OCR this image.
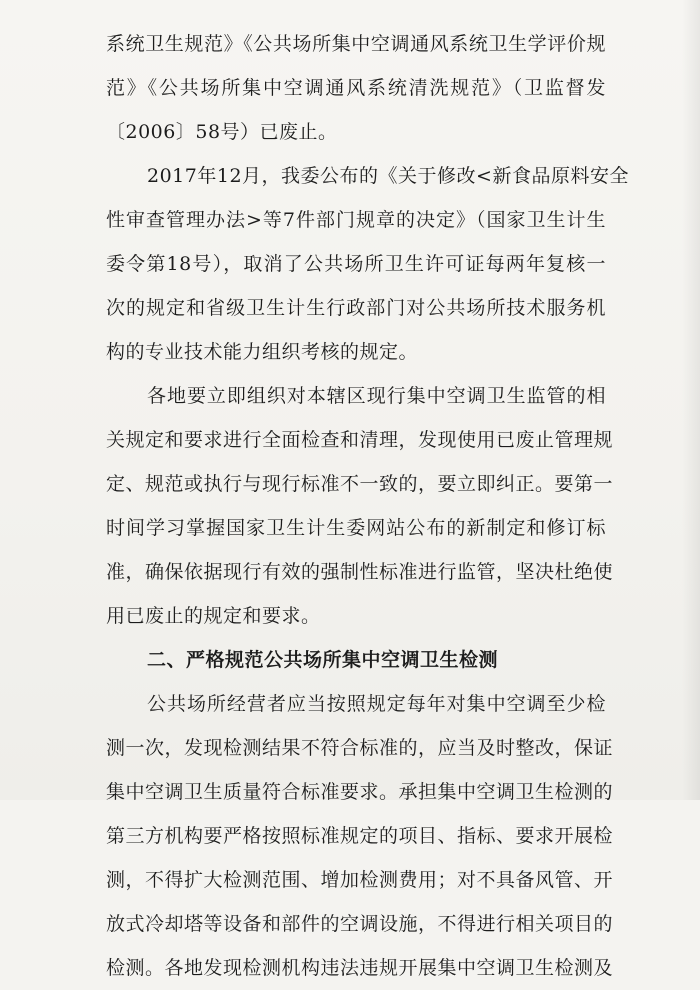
系统卫生规范》《公共场所集中空调通风系统卫生学评价规
范》《公共场所集中空调通风系统清洗规范》（卫监督发
〔2006〕58号）已废止。
2017年12月，我委公布的《关于修改<新食品原料安全
性审查管理办法>等7件部门规章的决定》（国家卫生计生
委令第18号），取消了公共场所卫生许可证每两年复核一
次的规定和省级卫生计生行政部门对公共场所技术服务机
构的专业技术能力组织考核的规定。
各地要立即组织对本辖区现行集中空调卫生监管的相
关规定和要求进行全面检查和清理，发现使用已废止管理规
定、规范或执行与现行标准不一致的，要立即纠正。要第一
时间学习掌握国家卫生计生委网站公布的新制定和修订标
准，确保依据现行有效的强制性标准进行监管，坚决杜绝使
用已废止的规定和要求。
二、严格规范公共场所集中空调卫生检测
公共场所经营者应当按照规定每年对集中空调至少检
测一次，发现检测结果不符合标准的，应当及时整改，保证
集中空调卫生质量符合标准要求。承担集中空调卫生检测的
第三方机构要严格按照标准规定的项目、指标、要求开展检
测，不得扩大检测范围、增加检测费用；对不具备风管、开
放式冷却塔等设备和部件的空调设施，不得进行相关项目的
检测。各地发现检测机构违法违规开展集中空调卫生检测及
